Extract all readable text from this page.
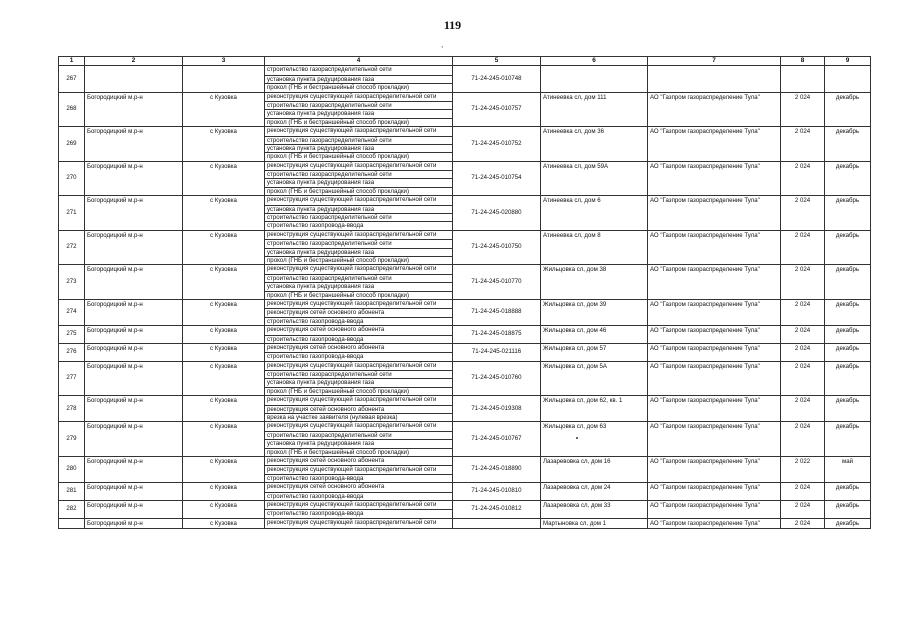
119
,
1	2	3	4	5	6	7	8	9
267			строительство газораспределительной сети
установка пункта редуцирования газа
прокол (ГНБ и бестраншейный способ прокладки)	71-24-245-010748				
268	Богородицкий м.р-н	с Кузовка	реконструкция существующей газораспределительной сети
строительство газораспределительной сети
установка пункта редуцирования газа
прокол (ГНБ и бестраншейный способ прокладки)	71-24-245-010757	Атинеевка сл, дом 111	АО "Газпром газораспределение Тула"	2 024	декабрь
269	Богородицкий м.р-н	с Кузовка	реконструкция существующей газораспределительной сети
строительство газораспределительной сети
установка пункта редуцирования газа
прокол (ГНБ и бестраншейный способ прокладки)	71-24-245-010752	Атинеевка сл, дом 36	АО "Газпром газораспределение Тула"	2 024	декабрь
270	Богородицкий м.р-н	с Кузовка	реконструкция существующей газораспределительной сети
строительство газораспределительной сети
установка пункта редуцирования газа
прокол (ГНБ и бестраншейный способ прокладки)	71-24-245-010754	Атинеевка сл, дом 59А	АО "Газпром газораспределение Тула"	2 024	декабрь
271	Богородицкий м.р-н	с Кузовка	реконструкция существующей газораспределительной сети
установка пункта редуцирования газа
строительство газораспределительной сети
строительство газопровода-ввода	71-24-245-020880	Атинеевка сл, дом 6	АО "Газпром газораспределение Тула"	2 024	декабрь
272	Богородицкий м.р-н	с Кузовка	реконструкция существующей газораспределительной сети
строительство газораспределительной сети
установка пункта редуцирования газа
прокол (ГНБ и бестраншейный способ прокладки)	71-24-245-010750	Атинеевка сл, дом 8	АО "Газпром газораспределение Тула"	2 024	декабрь
273	Богородицкий м.р-н	с Кузовка	реконструкция существующей газораспределительной сети
строительство газораспределительной сети
установка пункта редуцирования газа
прокол (ГНБ и бестраншейный способ прокладки)	71-24-245-010770	Жильцовка сл, дом 38	АО "Газпром газораспределение Тула"	2 024	декабрь
274	Богородицкий м.р-н	с Кузовка	реконструкция существующей газораспределительной сети
реконструкция сетей основного абонента
строительство газопровода-ввода	71-24-245-018888	Жильцовка сл, дом 39	АО "Газпром газораспределение Тула"	2 024	декабрь
275	Богородицкий м.р-н	с Кузовка	реконструкция сетей основного абонента
строительство газопровода-ввода	71-24-245-018875	Жильцовка сл, дом 46	АО "Газпром газораспределение Тула"	2 024	декабрь
276	Богородицкий м.р-н	с Кузовка	реконструкция сетей основного абонента
строительство газопровода-ввода	71-24-245-021116	Жильцовка сл, дом 57	АО "Газпром газораспределение Тула"	2 024	декабрь
277	Богородицкий м.р-н	с Кузовка	реконструкция существующей газораспределительной сети
строительство газораспределительной сети
установка пункта редуцирования газа
прокол (ГНБ и бестраншейный способ прокладки)	71-24-245-010760	Жильцовка сл, дом 5А	АО "Газпром газораспределение Тула"	2 024	декабрь
278	Богородицкий м.р-н	с Кузовка	реконструкция существующей газораспределительной сети
реконструкция сетей основного абонента
врезка на участке заявителя (нулевая врезка)	71-24-245-019308	Жильцовка сл, дом 62, кв. 1	АО "Газпром газораспределение Тула"	2 024	декабрь
279	Богородицкий м.р-н	с Кузовка	реконструкция существующей газораспределительной сети
строительство газораспределительной сети
установка пункта редуцирования газа
прокол (ГНБ и бестраншейный способ прокладки)	71-24-245-010767	Жильцовка сл, дом 63	АО "Газпром газораспределение Тула"	2 024	декабрь
280	Богородицкий м.р-н	с Кузовка	реконструкция сетей основного абонента
реконструкция существующей газораспределительной сети
строительство газопровода-ввода	71-24-245-018890	Лазаревовка сл, дом 16	АО "Газпром газораспределение Тула"	2 022	май
281	Богородицкий м.р-н	с Кузовка	реконструкция сетей основного абонента
строительство газопровода-ввода	71-24-245-010810	Лазаревовка сл, дом 24	АО "Газпром газораспределение Тула"	2 024	декабрь
282	Богородицкий м.р-н	с Кузовка	реконструкция существующей газораспределительной сети
строительство газопровода-ввода	71-24-245-010812	Лазаревовка сл, дом 33	АО "Газпром газораспределение Тула"	2 024	декабрь
	Богородицкий м.р-н	с Кузовка	реконструкция существующей газораспределительной сети		Мартыновка сл, дом 1	АО "Газпром газораспределение Тула"	2 024	декабрь
